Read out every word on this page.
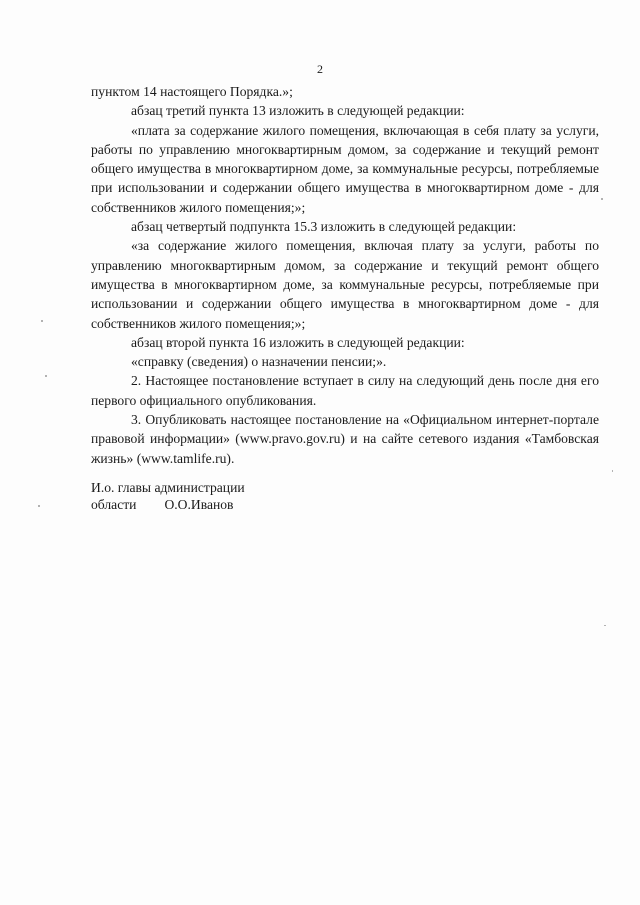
2

пунктом 14 настоящего Порядка.»;

абзац третий пункта 13 изложить в следующей редакции:

«плата за содержание жилого помещения, включающая в себя плату за услуги, работы по управлению многоквартирным домом, за содержание и текущий ремонт общего имущества в многоквартирном доме, за коммунальные ресурсы, потребляемые при использовании и содержании общего имущества в многоквартирном доме - для собственников жилого помещения;»;

абзац четвертый подпункта 15.3 изложить в следующей редакции:

«за содержание жилого помещения, включая плату за услуги, работы по управлению многоквартирным домом, за содержание и текущий ремонт общего имущества в многоквартирном доме, за коммунальные ресурсы, потребляемые при использовании и содержании общего имущества в многоквартирном доме - для собственников жилого помещения;»;

абзац второй пункта 16 изложить в следующей редакции:

«справку (сведения) о назначении пенсии;».

2. Настоящее постановление вступает в силу на следующий день после дня его первого официального опубликования.

3. Опубликовать настоящее постановление на «Официальном интернет-портале правовой информации» (www.pravo.gov.ru) и на сайте сетевого издания «Тамбовская жизнь» (www.tamlife.ru).

И.о. главы администрации
области О.О.Иванов
